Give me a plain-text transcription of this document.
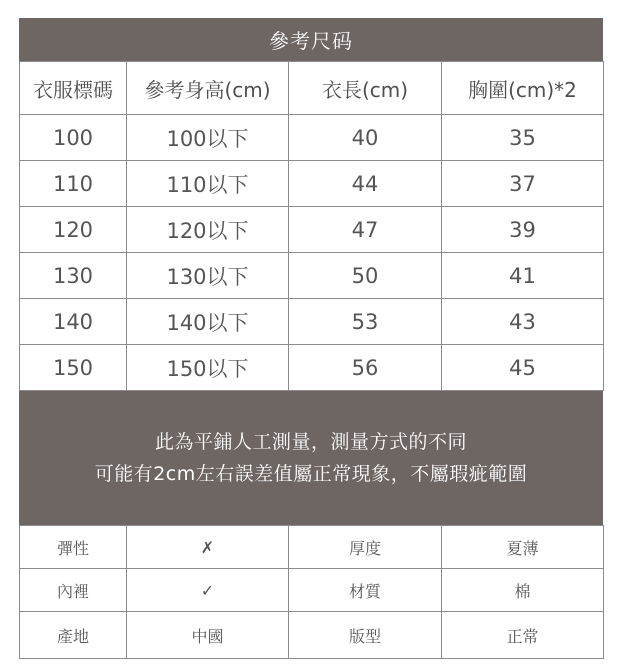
參考尺码
衣服標碼	參考身高(cm)	衣長(cm)	胸圍(cm)*2
100	100以下	40	35
110	110以下	44	37
120	120以下	47	39
130	130以下	50	41
140	140以下	53	43
150	150以下	56	45
此為平鋪人工測量，測量方式的不同
可能有2cm左右誤差值屬正常現象，不屬瑕疵範圍
彈性	✗	厚度	夏薄
內裡	✓	材質	棉
產地	中國	版型	正常
